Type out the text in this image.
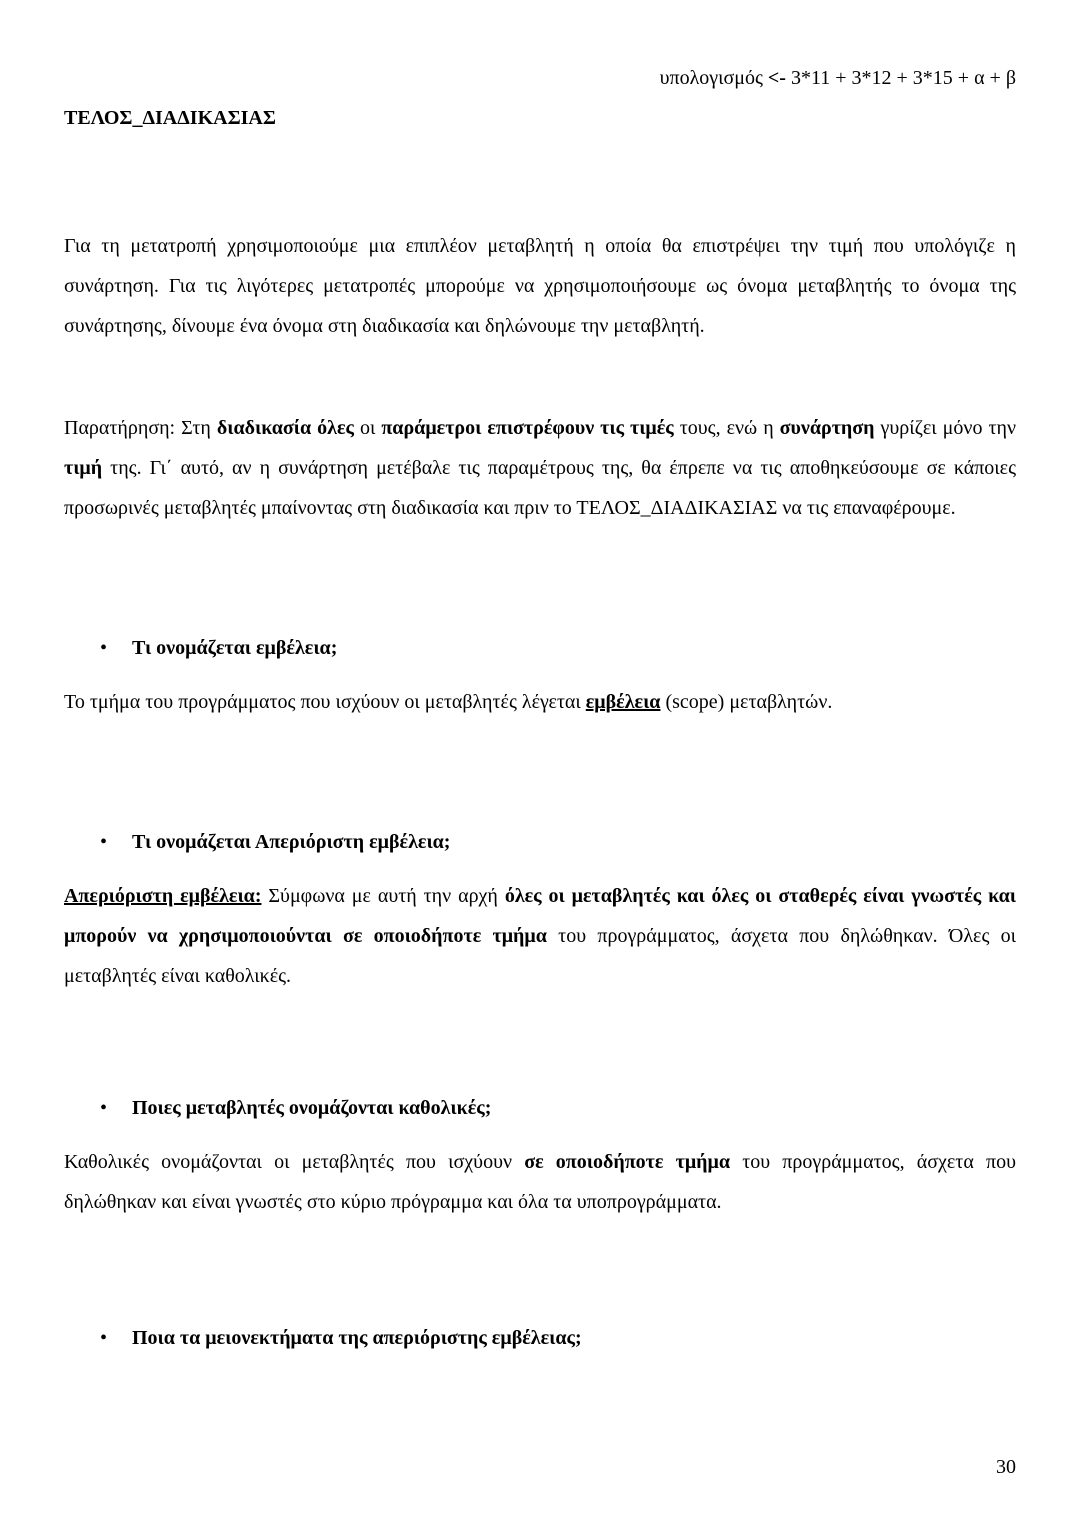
υπολογισμός <- 3*11 + 3*12 + 3*15 + α + β
ΤΕΛΟΣ_ΔΙΑΔΙΚΑΣΙΑΣ

Για τη μετατροπή χρησιμοποιούμε μια επιπλέον μεταβλητή η οποία θα επιστρέψει την τιμή που υπολόγιζε η συνάρτηση. Για τις λιγότερες μετατροπές μπορούμε να χρησιμοποιήσουμε ως όνομα μεταβλητής το όνομα της συνάρτησης, δίνουμε ένα όνομα στη διαδικασία και δηλώνουμε την μεταβλητή.

Παρατήρηση: Στη διαδικασία όλες οι παράμετροι επιστρέφουν τις τιμές τους, ενώ η συνάρτηση γυρίζει μόνο την τιμή της. Γι΄ αυτό, αν η συνάρτηση μετέβαλε τις παραμέτρους της, θα έπρεπε να τις αποθηκεύσουμε σε κάποιες προσωρινές μεταβλητές μπαίνοντας στη διαδικασία και πριν το ΤΕΛΟΣ_ΔΙΑΔΙΚΑΣΙΑΣ να τις επαναφέρουμε.

•	Τι ονομάζεται εμβέλεια;

Το τμήμα του προγράμματος που ισχύουν οι μεταβλητές λέγεται εμβέλεια (scope) μεταβλητών.

•	Τι ονομάζεται Απεριόριστη εμβέλεια;

Απεριόριστη εμβέλεια: Σύμφωνα με αυτή την αρχή όλες οι μεταβλητές και όλες οι σταθερές είναι γνωστές και μπορούν να χρησιμοποιούνται σε οποιοδήποτε τμήμα του προγράμματος, άσχετα που δηλώθηκαν. Όλες οι μεταβλητές είναι καθολικές.

•	Ποιες μεταβλητές ονομάζονται καθολικές;

Καθολικές ονομάζονται οι μεταβλητές που ισχύουν σε οποιοδήποτε τμήμα του προγράμματος, άσχετα που δηλώθηκαν και είναι γνωστές στο κύριο πρόγραμμα και όλα τα υποπρογράμματα.

•	Ποια τα μειονεκτήματα της απεριόριστης εμβέλειας;
30
